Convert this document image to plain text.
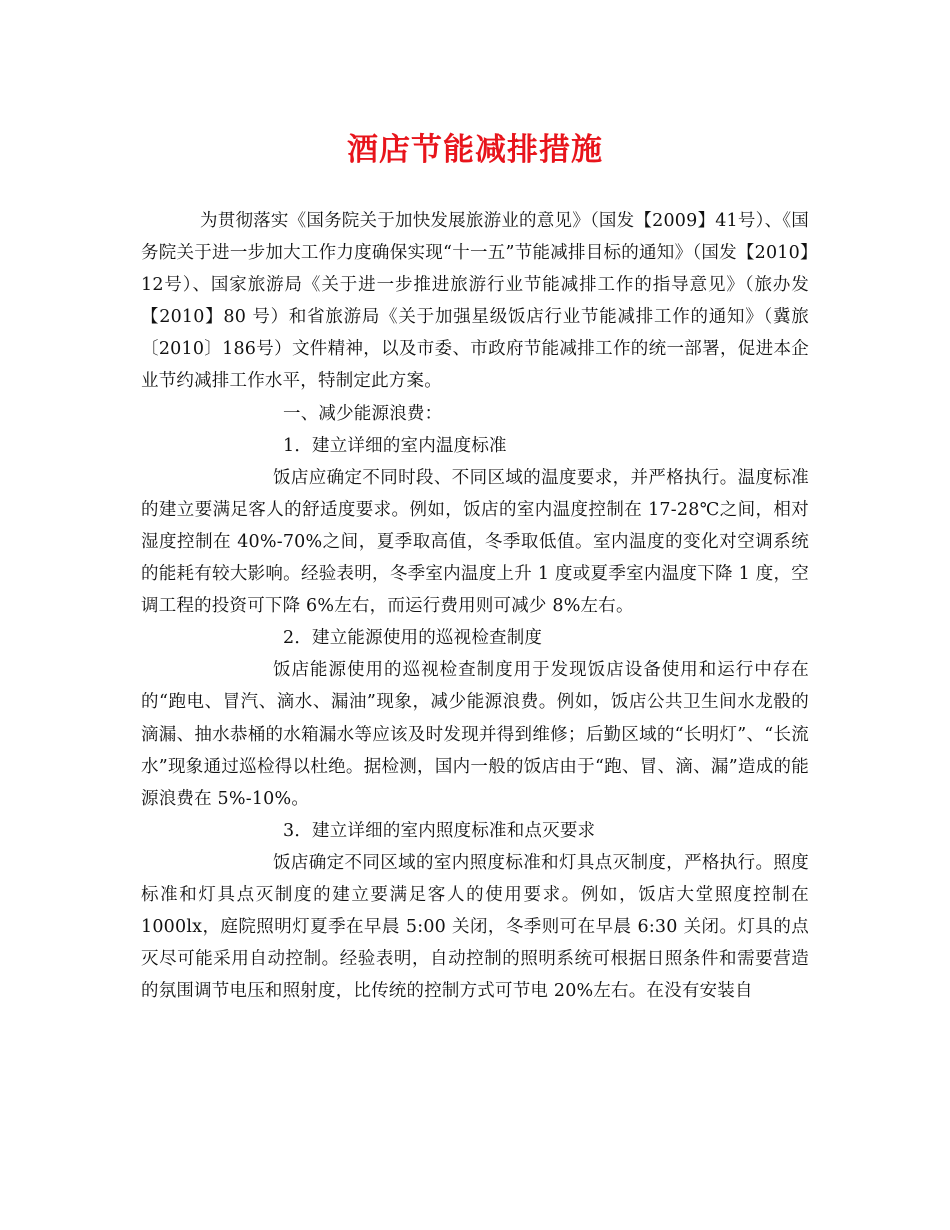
酒店节能减排措施

为贯彻落实《国务院关于加快发展旅游业的意见》（国发【2009】41号）、《国务院关于进一步加大工作力度确保实现“十一五”节能减排目标的通知》（国发【2010】12号）、国家旅游局《关于进一步推进旅游行业节能减排工作的指导意见》（旅办发【2010】80 号）和省旅游局《关于加强星级饭店行业节能减排工作的通知》（冀旅〔2010〕186号）文件精神，以及市委、市政府节能减排工作的统一部署，促进本企业节约减排工作水平，特制定此方案。

一、减少能源浪费：

1．建立详细的室内温度标准

饭店应确定不同时段、不同区域的温度要求，并严格执行。温度标准的建立要满足客人的舒适度要求。例如，饭店的室内温度控制在 17-28℃之间，相对湿度控制在 40%-70%之间，夏季取高值，冬季取低值。室内温度的变化对空调系统的能耗有较大影响。经验表明，冬季室内温度上升 1 度或夏季室内温度下降 1 度，空调工程的投资可下降 6%左右，而运行费用则可减少 8%左右。

2．建立能源使用的巡视检查制度

饭店能源使用的巡视检查制度用于发现饭店设备使用和运行中存在的“跑电、冒汽、滴水、漏油”现象，减少能源浪费。例如，饭店公共卫生间水龙骰的滴漏、抽水恭桶的水箱漏水等应该及时发现并得到维修；后勤区域的“长明灯”、“长流水”现象通过巡检得以杜绝。据检测，国内一般的饭店由于“跑、冒、滴、漏”造成的能源浪费在 5%-10%。

3．建立详细的室内照度标准和点灭要求

饭店确定不同区域的室内照度标准和灯具点灭制度，严格执行。照度标准和灯具点灭制度的建立要满足客人的使用要求。例如，饭店大堂照度控制在 1000lx，庭院照明灯夏季在早晨 5:00 关闭，冬季则可在早晨 6:30 关闭。灯具的点灭尽可能采用自动控制。经验表明，自动控制的照明系统可根据日照条件和需要营造的氛围调节电压和照射度，比传统的控制方式可节电 20%左右。在没有安装自
